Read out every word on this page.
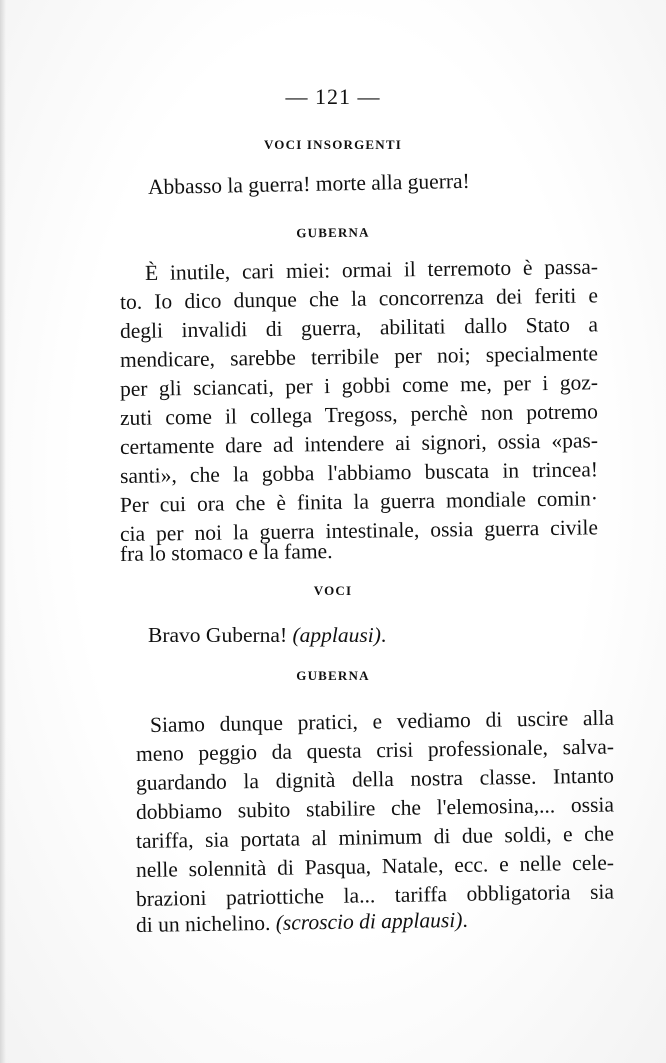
— 121 —
VOCI INSORGENTI
Abbasso la guerra! morte alla guerra!
GUBERNA
È inutile, cari miei: ormai il terremoto è passa-
to. Io dico dunque che la concorrenza dei feriti e
degli invalidi di guerra, abilitati dallo Stato a
mendicare, sarebbe terribile per noi; specialmente
per gli sciancati, per i gobbi come me, per i goz-
zuti come il collega Tregoss, perchè non potremo
certamente dare ad intendere ai signori, ossia «pas-
santi», che la gobba l'abbiamo buscata in trincea!
Per cui ora che è finita la guerra mondiale comin·
cia per noi la guerra intestinale, ossia guerra civile
fra lo stomaco e la fame.
VOCI
Bravo Guberna! (applausi).
GUBERNA
Siamo dunque pratici, e vediamo di uscire alla
meno peggio da questa crisi professionale, salva-
guardando la dignità della nostra classe. Intanto
dobbiamo subito stabilire che l'elemosina,... ossia
tariffa, sia portata al minimum di due soldi, e che
nelle solennità di Pasqua, Natale, ecc. e nelle cele-
brazioni patriottiche la... tariffa obbligatoria sia
di un nichelino. (scroscio di applausi).
